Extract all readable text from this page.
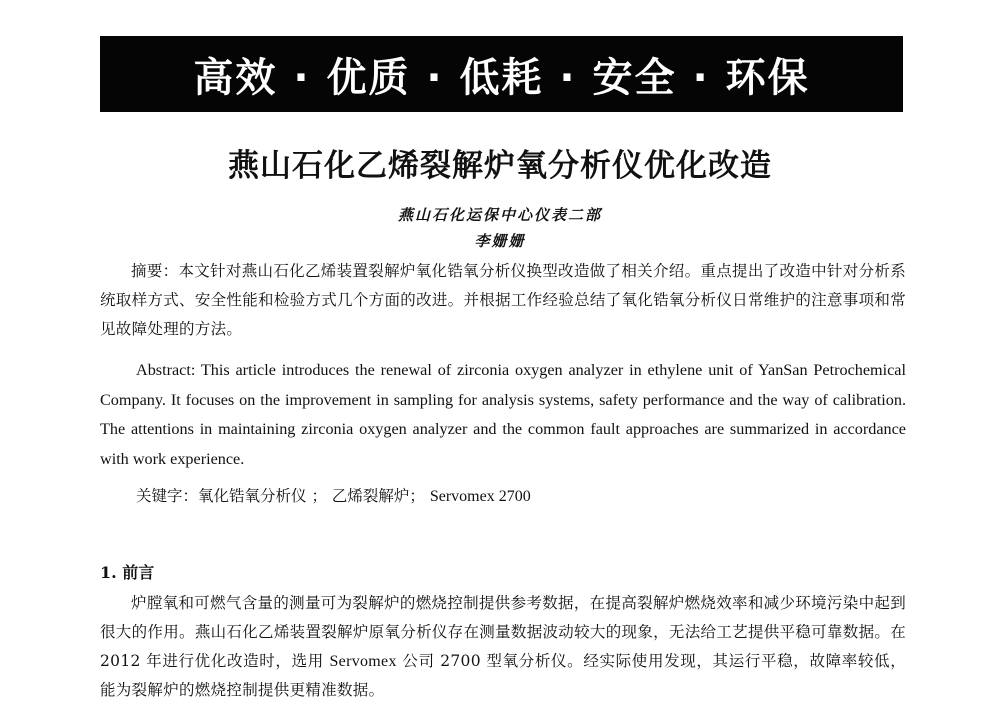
高效 · 优质 · 低耗 · 安全 · 环保
燕山石化乙烯裂解炉氧分析仪优化改造
燕山石化运保中心仪表二部
李姗姗

摘要：本文针对燕山石化乙烯装置裂解炉氧化锆氧分析仪换型改造做了相关介绍。重点提出了改造中针对分析系统取样方式、安全性能和检验方式几个方面的改进。并根据工作经验总结了氧化锆氧分析仪日常维护的注意事项和常见故障处理的方法。

Abstract: This article introduces the renewal of zirconia oxygen analyzer in ethylene unit of YanSan Petrochemical Company. It focuses on the improvement in sampling for analysis systems, safety performance and the way of calibration. The attentions in maintaining zirconia oxygen analyzer and the common fault approaches are summarized in accordance with work experience.

关键字：氧化锆氧分析仪 ； 乙烯裂解炉； Servomex 2700
1. 前言

炉膛氧和可燃气含量的测量可为裂解炉的燃烧控制提供参考数据，在提高裂解炉燃烧效率和减少环境污染中起到很大的作用。燕山石化乙烯装置裂解炉原氧分析仪存在测量数据波动较大的现象，无法给工艺提供平稳可靠数据。在 2012 年进行优化改造时，选用 Servomex 公司 2700 型氧分析仪。经实际使用发现，其运行平稳，故障率较低，能为裂解炉的燃烧控制提供更精准数据。
